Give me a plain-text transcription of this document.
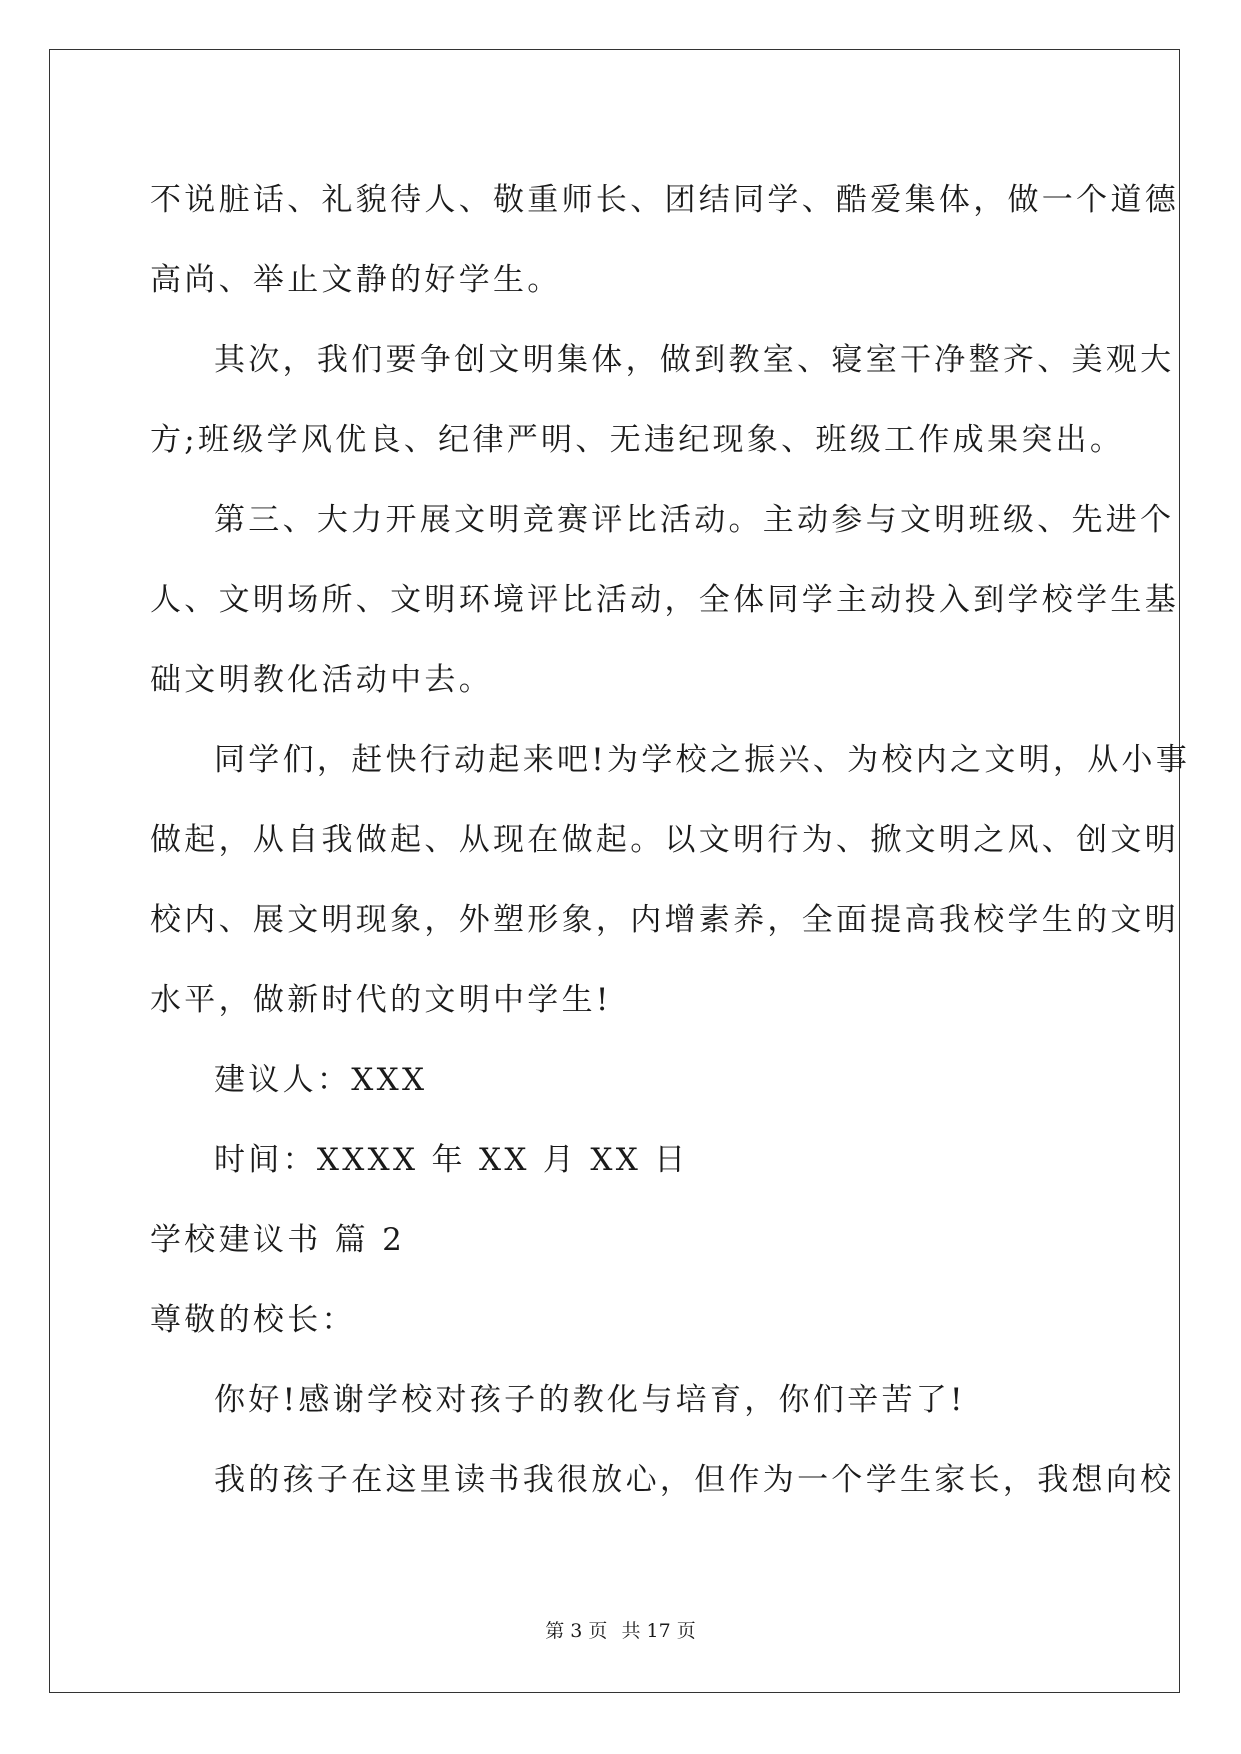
不说脏话、礼貌待人、敬重师长、团结同学、酷爱集体，做一个道德
高尚、举止文静的好学生。
其次，我们要争创文明集体，做到教室、寝室干净整齐、美观大
方;班级学风优良、纪律严明、无违纪现象、班级工作成果突出。
第三、大力开展文明竞赛评比活动。主动参与文明班级、先进个
人、文明场所、文明环境评比活动，全体同学主动投入到学校学生基
础文明教化活动中去。
同学们，赶快行动起来吧!为学校之振兴、为校内之文明，从小事
做起，从自我做起、从现在做起。以文明行为、掀文明之风、创文明
校内、展文明现象，外塑形象，内增素养，全面提高我校学生的文明
水平，做新时代的文明中学生!
建议人：XXX
时间：XXXX 年 XX 月 XX 日
学校建议书 篇 2
尊敬的校长：
你好!感谢学校对孩子的教化与培育，你们辛苦了!
我的孩子在这里读书我很放心，但作为一个学生家长，我想向校
第 3 页 共 17 页
